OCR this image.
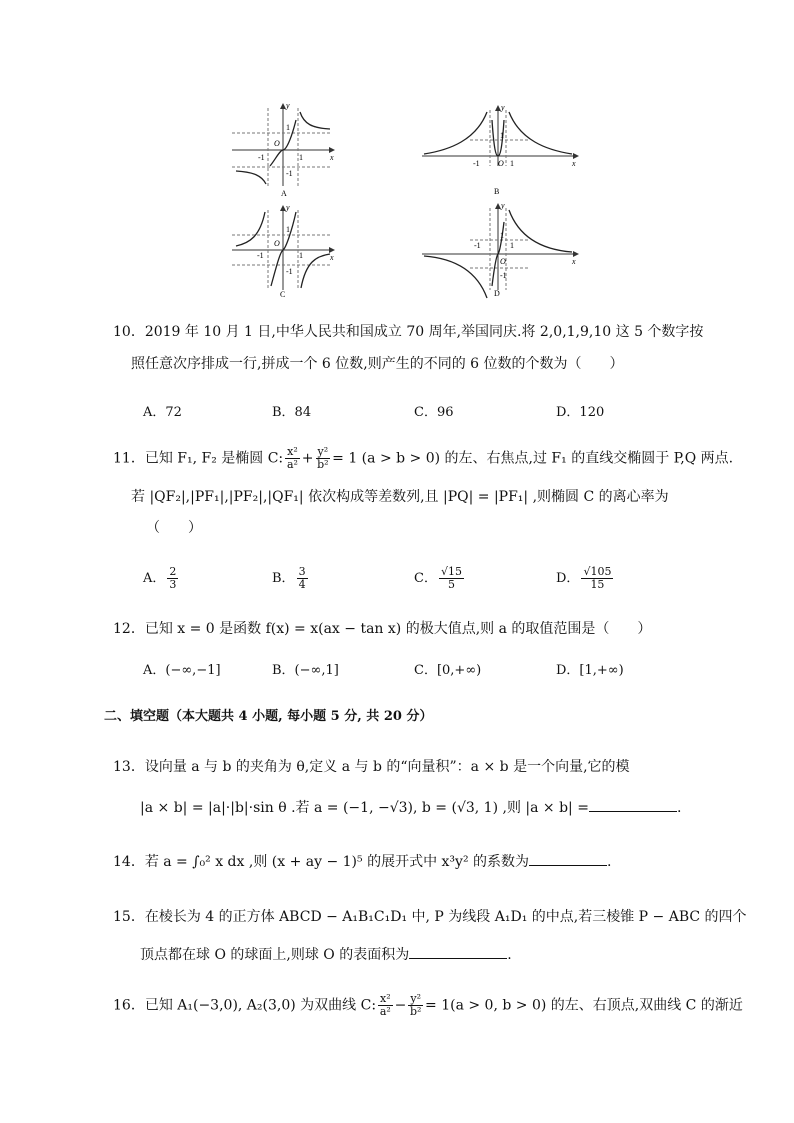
y
x
O
1
-1
1
-1
A
y
x
O 1
-1
1
B
y
x
O
1
-1
1
-1
C
y
x
O
1
-1
1
-1
D
10．2019 年 10 月 1 日,中华人民共和国成立 70 周年,举国同庆.将 2,0,1,9,10 这 5 个数字按
照任意次序排成一行,拼成一个 6 位数,则产生的不同的 6 位数的个数为（　　）
A．72	B．84	C．96	D．120
11．已知 F₁, F₂ 是椭圆 C: $\frac{\text{x²}}{\text{a²}} + \frac{\text{y²}}{\text{b²}} = 1$ (a > b > 0) 的左、右焦点,过 F₁ 的直线交椭圆于 P,Q 两点.
若 |QF₂|,|PF₁|,|PF₂|,|QF₁| 依次构成等差数列,且 |PQ| = |PF₁| ,则椭圆 C 的离心率为
（　　）
A． $\frac{2}{3}$	B． $\frac{3}{4}$	C． $\frac{√15}{5}$	D． $\frac{√105}{15}$
12．已知 x = 0 是函数 f(x) = x(ax − tan x) 的极大值点,则 a 的取值范围是（　　）
A．(−∞,−1]	B．(−∞,1]	C．[0,+∞)	D．[1,+∞)
二、填空题（本大题共 4 小题, 每小题 5 分, 共 20 分）
13．设向量 a 与 b 的夹角为 θ,定义 a 与 b 的“向量积”：a × b 是一个向量,它的模
|a × b| = |a|·|b|·sin θ .若 a = (−1, −√3), b = (√3, 1) ,则 |a × b| =	.
14．若 a = ∫₀² x dx ,则 (x + ay − 1)⁵ 的展开式中 x³y² 的系数为	.
15．在棱长为 4 的正方体 ABCD − A₁B₁C₁D₁ 中, P 为线段 A₁D₁ 的中点,若三棱锥 P − ABC 的四个
顶点都在球 O 的球面上,则球 O 的表面积为	.
16．已知 A₁(−3,0), A₂(3,0) 为双曲线 C: $\frac{\text{x²}}{\text{a²}} - \frac{\text{y²}}{\text{b²}} = 1(a > 0$, b > 0) 的左、右顶点,双曲线 C 的渐近
